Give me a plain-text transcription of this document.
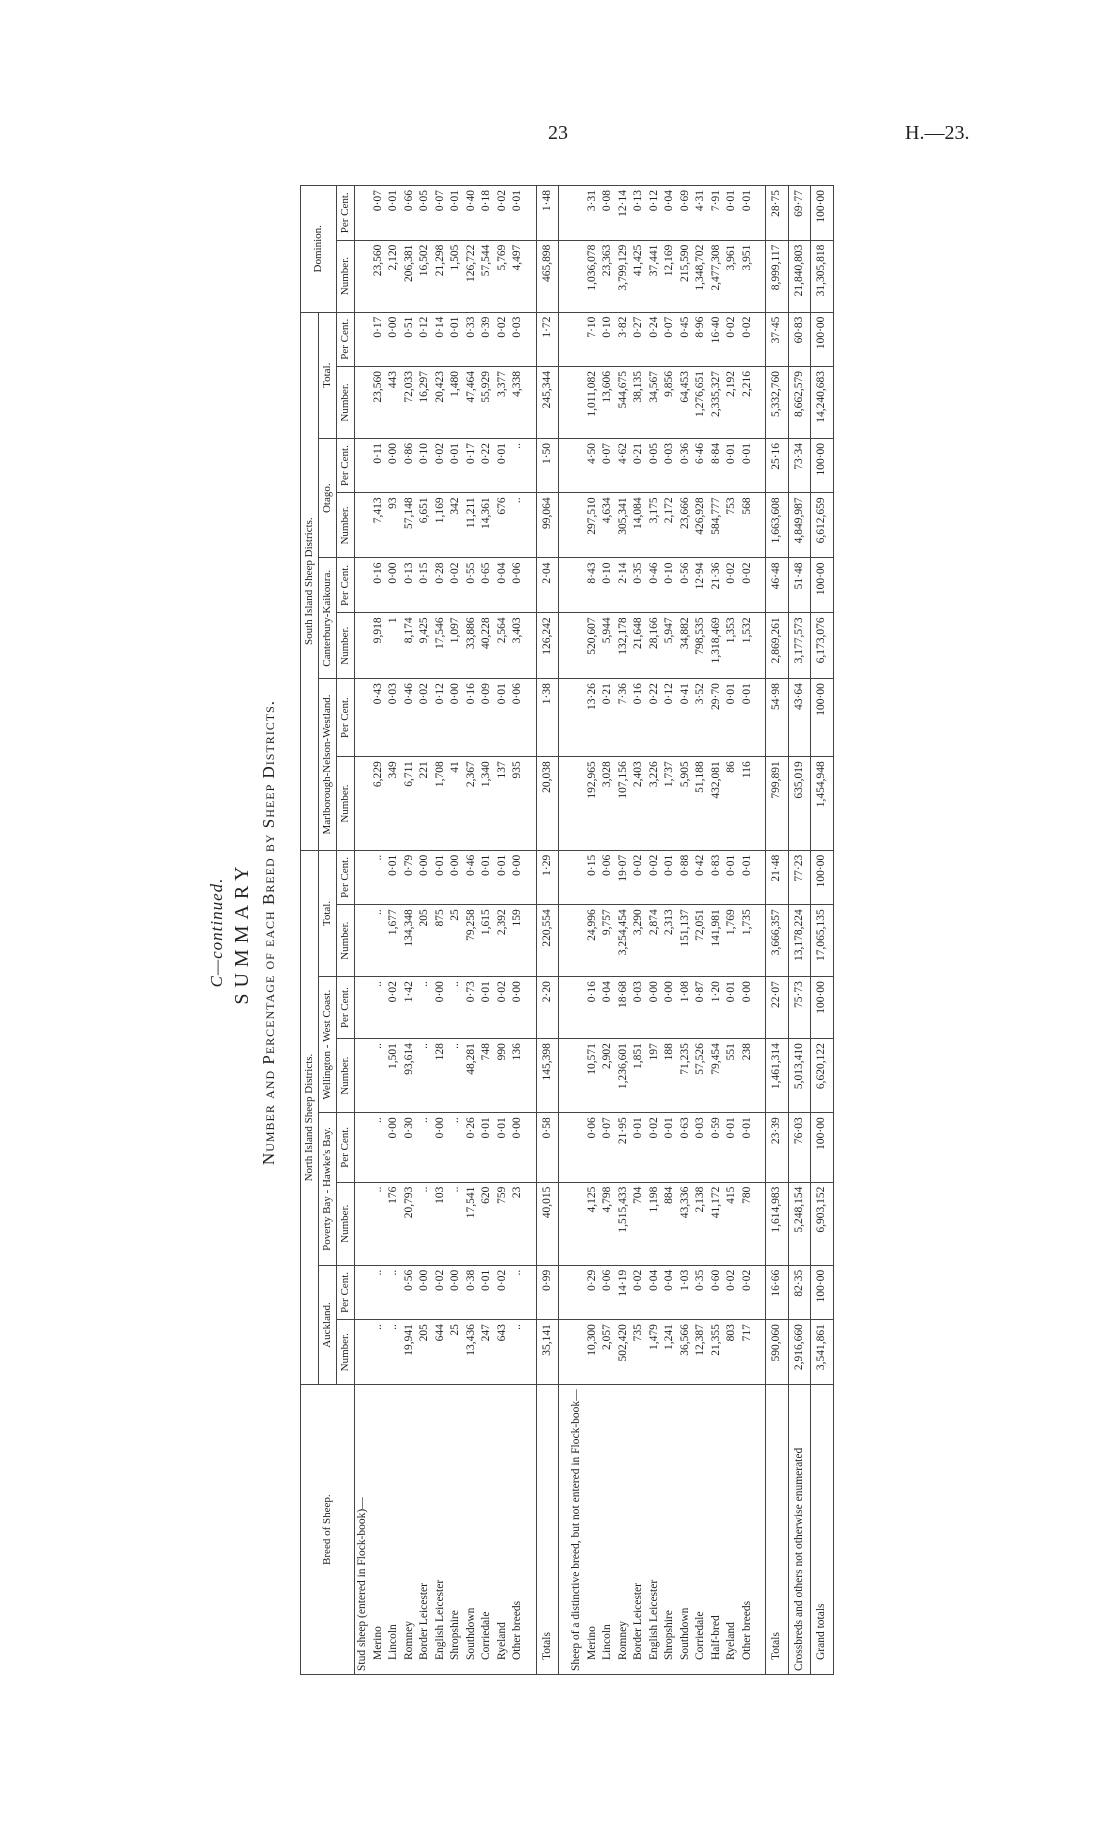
23	H.—23.
C—continued. SUMMARY Number and Percentage of each Breed by Sheep Districts.
Breed of Sheep.	North Island Sheep Districts.								South Island Sheep Districts.								Dominion.	
	Auckland.		Poverty Bay - Hawke's Bay.		Wellington - West Coast.		Total.		Marlborough-Nelson-Westland.		Canterbury-Kaikoura.		Otago.		Total.			
	Number.	Per Cent.	Number.	Per Cent.	Number.	Per Cent.	Number.	Per Cent.	Number.	Per Cent.	Number.	Per Cent.	Number.	Per Cent.	Number.	Per Cent.	Number.	Per Cent.
Stud sheep (entered in Flock-book)—																		
Merino	..	..	..	..	..	..	..	..	6,229	0·43	9,918	0·16	7,413	0·11	23,560	0·17	23,560	0·07
Lincoln	..	..	176	0·00	1,501	0·02	1,677	0·01	349	0·03	1	0·00	93	0·00	443	0·00	2,120	0·01
Romney	19,941	0·56	20,793	0·30	93,614	1·42	134,348	0·79	6,711	0·46	8,174	0·13	57,148	0·86	72,033	0·51	206,381	0·66
Border Leicester	205	0·00	..	..	..	..	205	0·00	221	0·02	9,425	0·15	6,651	0·10	16,297	0·12	16,502	0·05
English Leicester	644	0·02	103	0·00	128	0·00	875	0·01	1,708	0·12	17,546	0·28	1,169	0·02	20,423	0·14	21,298	0·07
Shropshire	25	0·00	..	..	..	..	25	0·00	41	0·00	1,097	0·02	342	0·01	1,480	0·01	1,505	0·01
Southdown	13,436	0·38	17,541	0·26	48,281	0·73	79,258	0·46	2,367	0·16	33,886	0·55	11,211	0·17	47,464	0·33	126,722	0·40
Corriedale	247	0·01	620	0·01	748	0·01	1,615	0·01	1,340	0·09	40,228	0·65	14,361	0·22	55,929	0·39	57,544	0·18
Ryeland	643	0·02	759	0·01	990	0·02	2,392	0·01	137	0·01	2,564	0·04	676	0·01	3,377	0·02	5,769	0·02
Other breeds	..	..	23	0·00	136	0·00	159	0·00	935	0·06	3,403	0·06	..	..	4,338	0·03	4,497	0·01

Totals	35,141	0·99	40,015	0·58	145,398	2·20	220,554	1·29	20,038	1·38	126,242	2·04	99,064	1·50	245,344	1·72	465,898	1·48

Sheep of a distinctive breed, but not entered in Flock-book—																		
Merino	10,300	0·29	4,125	0·06	10,571	0·16	24,996	0·15	192,965	13·26	520,607	8·43	297,510	4·50	1,011,082	7·10	1,036,078	3·31
Lincoln	2,057	0·06	4,798	0·07	2,902	0·04	9,757	0·06	3,028	0·21	5,944	0·10	4,634	0·07	13,606	0·10	23,363	0·08
Romney	502,420	14·19	1,515,433	21·95	1,236,601	18·68	3,254,454	19·07	107,156	7·36	132,178	2·14	305,341	4·62	544,675	3·82	3,799,129	12·14
Border Leicester	735	0·02	704	0·01	1,851	0·03	3,290	0·02	2,403	0·16	21,648	0·35	14,084	0·21	38,135	0·27	41,425	0·13
English Leicester	1,479	0·04	1,198	0·02	197	0·00	2,874	0·02	3,226	0·22	28,166	0·46	3,175	0·05	34,567	0·24	37,441	0·12
Shropshire	1,241	0·04	884	0·01	188	0·00	2,313	0·01	1,737	0·12	5,947	0·10	2,172	0·03	9,856	0·07	12,169	0·04
Southdown	36,566	1·03	43,336	0·63	71,235	1·08	151,137	0·88	5,905	0·41	34,882	0·56	23,666	0·36	64,453	0·45	215,590	0·69
Corriedale	12,387	0·35	2,138	0·03	57,526	0·87	72,051	0·42	51,188	3·52	798,535	12·94	426,928	6·46	1,276,651	8·96	1,348,702	4·31
Half-bred	21,355	0·60	41,172	0·59	79,454	1·20	141,981	0·83	432,081	29·70	1,318,469	21·36	584,777	8·84	2,335,327	16·40	2,477,308	7·91
Ryeland	803	0·02	415	0·01	551	0·01	1,769	0·01	86	0·01	1,353	0·02	753	0·01	2,192	0·02	3,961	0·01
Other breeds	717	0·02	780	0·01	238	0·00	1,735	0·01	116	0·01	1,532	0·02	568	0·01	2,216	0·02	3,951	0·01

Totals	590,060	16·66	1,614,983	23·39	1,461,314	22·07	3,666,357	21·48	799,891	54·98	2,869,261	46·48	1,663,608	25·16	5,332,760	37·45	8,999,117	28·75
Crossbreds and others not otherwise enumerated	2,916,660	82·35	5,248,154	76·03	5,013,410	75·73	13,178,224	77·23	635,019	43·64	3,177,573	51·48	4,849,987	73·34	8,662,579	60·83	21,840,803	69·77
Grand totals	3,541,861	100·00	6,903,152	100·00	6,620,122	100·00	17,065,135	100·00	1,454,948	100·00	6,173,076	100·00	6,612,659	100·00	14,240,683	100·00	31,305,818	100·00
